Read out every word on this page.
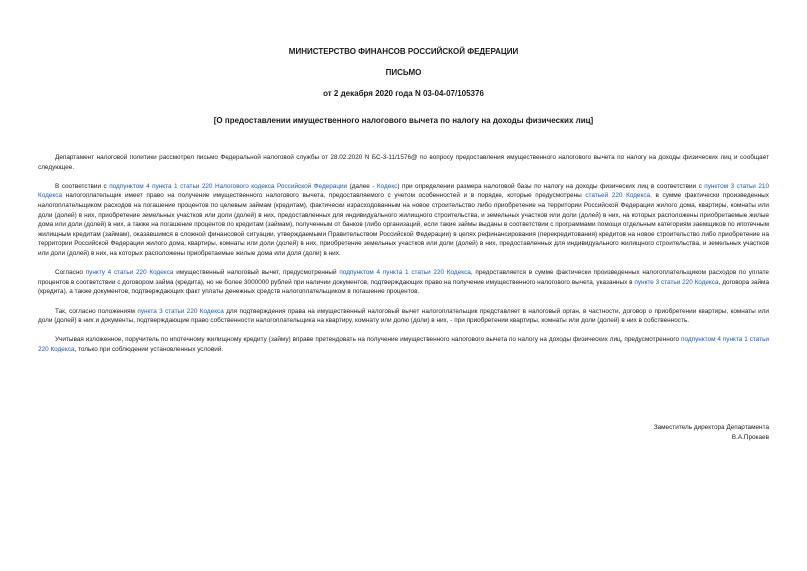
МИНИСТЕРСТВО ФИНАНСОВ РОССИЙСКОЙ ФЕДЕРАЦИИ
ПИСЬМО
от 2 декабря 2020 года N 03-04-07/105376
[О предоставлении имущественного налогового вычета по налогу на доходы физических лиц]

Департамент налоговой политики рассмотрел письмо Федеральной налоговой службы от 28.02.2020 N БС-3-11/1576@ по вопросу предоставления имущественного налогового вычета по налогу на доходы физических лиц и сообщает следующее.

В соответствии с подпунктом 4 пункта 1 статьи 220 Налогового кодекса Российской Федерации (далее - Кодекс) при определении размера налоговой базы по налогу на доходы физических лиц в соответствии с пунктом 3 статьи 210 Кодекса налогоплательщик имеет право на получение имущественного налогового вычета, предоставляемого с учетом особенностей и в порядке, которые предусмотрены статьей 220 Кодекса, в сумме фактически произведенных налогоплательщиком расходов на погашение процентов по целевым займам (кредитам), фактически израсходованным на новое строительство либо приобретение на территории Российской Федерации жилого дома, квартиры, комнаты или доли (долей) в них, приобретение земельных участков или доли (долей) в них, предоставленных для индивидуального жилищного строительства, и земельных участков или доли (долей) в них, на которых расположены приобретаемые жилые дома или доли (долей) в них, а также на погашение процентов по кредитам (займам), полученным от банков (либо организаций, если такие займы выданы в соответствии с программами помощи отдельным категориям заемщиков по ипотечным жилищным кредитам (займам), оказавшимся в сложной финансовой ситуации, утверждаемыми Правительством Российской Федерации) в целях рефинансирования (перекредитования) кредитов на новое строительство либо приобретение на территории Российской Федерации жилого дома, квартиры, комнаты или доли (долей) в них, приобретение земельных участков или доли (долей) в них, предоставленных для индивидуального жилищного строительства, и земельных участков или доли (долей) в них, на которых расположены приобретаемые жилые дома или доля (доли) в них.

Согласно пункту 4 статьи 220 Кодекса имущественный налоговый вычет, предусмотренный подпунктом 4 пункта 1 статьи 220 Кодекса, предоставляется в сумме фактически произведенных налогоплательщиком расходов по уплате процентов в соответствии с договором займа (кредита), но не более 3000000 рублей при наличии документов, подтверждающих право на получение имущественного налогового вычета, указанных в пункте 3 статьи 220 Кодекса, договора займа (кредита), а также документов, подтверждающих факт уплаты денежных средств налогоплательщиком в погашение процентов.

Так, согласно положениям пункта 3 статьи 220 Кодекса для подтверждения права на имущественный налоговый вычет налогоплательщик представляет в налоговый орган, в частности, договор о приобретении квартиры, комнаты или доли (долей) в них и документы, подтверждающие право собственности налогоплательщика на квартиру, комнату или долю (доли) в них, - при приобретении квартиры, комнаты или доли (долей) в них в собственность.

Учитывая изложенное, поручитель по ипотечному жилищному кредиту (займу) вправе претендовать на получение имущественного налогового вычета по налогу на доходы физических лиц, предусмотренного подпунктом 4 пункта 1 статьи 220 Кодекса, только при соблюдении установленных условий.

Заместитель директора Департамента
В.А.Прокаев
